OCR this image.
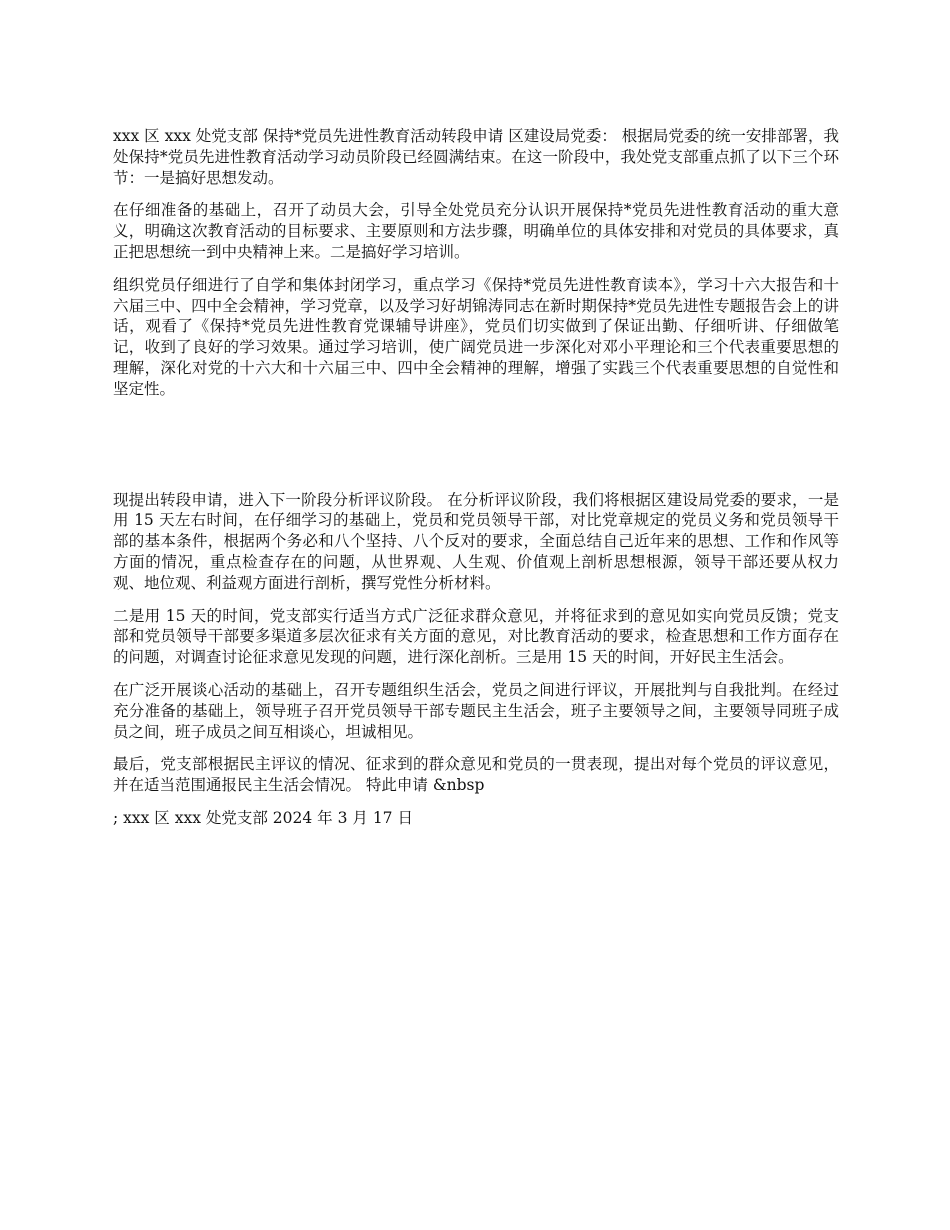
xxx 区 xxx 处党支部 保持*党员先进性教育活动转段申请 区建设局党委： 根据局党委的统一安排部署，我处保持*党员先进性教育活动学习动员阶段已经圆满结束。在这一阶段中，我处党支部重点抓了以下三个环节：一是搞好思想发动。

在仔细准备的基础上，召开了动员大会，引导全处党员充分认识开展保持*党员先进性教育活动的重大意义，明确这次教育活动的目标要求、主要原则和方法步骤，明确单位的具体安排和对党员的具体要求，真正把思想统一到中央精神上来。二是搞好学习培训。

组织党员仔细进行了自学和集体封闭学习，重点学习《保持*党员先进性教育读本》，学习十六大报告和十六届三中、四中全会精神，学习党章，以及学习好胡锦涛同志在新时期保持*党员先进性专题报告会上的讲话，观看了《保持*党员先进性教育党课辅导讲座》，党员们切实做到了保证出勤、仔细听讲、仔细做笔记，收到了良好的学习效果。通过学习培训，使广阔党员进一步深化对邓小平理论和三个代表重要思想的理解，深化对党的十六大和十六届三中、四中全会精神的理解，增强了实践三个代表重要思想的自觉性和坚定性。

现提出转段申请，进入下一阶段分析评议阶段。 在分析评议阶段，我们将根据区建设局党委的要求，一是用 15 天左右时间，在仔细学习的基础上，党员和党员领导干部，对比党章规定的党员义务和党员领导干部的基本条件，根据两个务必和八个坚持、八个反对的要求，全面总结自己近年来的思想、工作和作风等方面的情况，重点检查存在的问题，从世界观、人生观、价值观上剖析思想根源，领导干部还要从权力观、地位观、利益观方面进行剖析，撰写党性分析材料。

二是用 15 天的时间，党支部实行适当方式广泛征求群众意见，并将征求到的意见如实向党员反馈；党支部和党员领导干部要多渠道多层次征求有关方面的意见，对比教育活动的要求，检查思想和工作方面存在的问题，对调查讨论征求意见发现的问题，进行深化剖析。三是用 15 天的时间，开好民主生活会。

在广泛开展谈心活动的基础上，召开专题组织生活会，党员之间进行评议，开展批判与自我批判。在经过充分准备的基础上，领导班子召开党员领导干部专题民主生活会，班子主要领导之间，主要领导同班子成员之间，班子成员之间互相谈心，坦诚相见。

最后，党支部根据民主评议的情况、征求到的群众意见和党员的一贯表现，提出对每个党员的评议意见，并在适当范围通报民主生活会情况。 特此申请 &nbsp

; xxx 区 xxx 处党支部 2024 年 3 月 17 日
